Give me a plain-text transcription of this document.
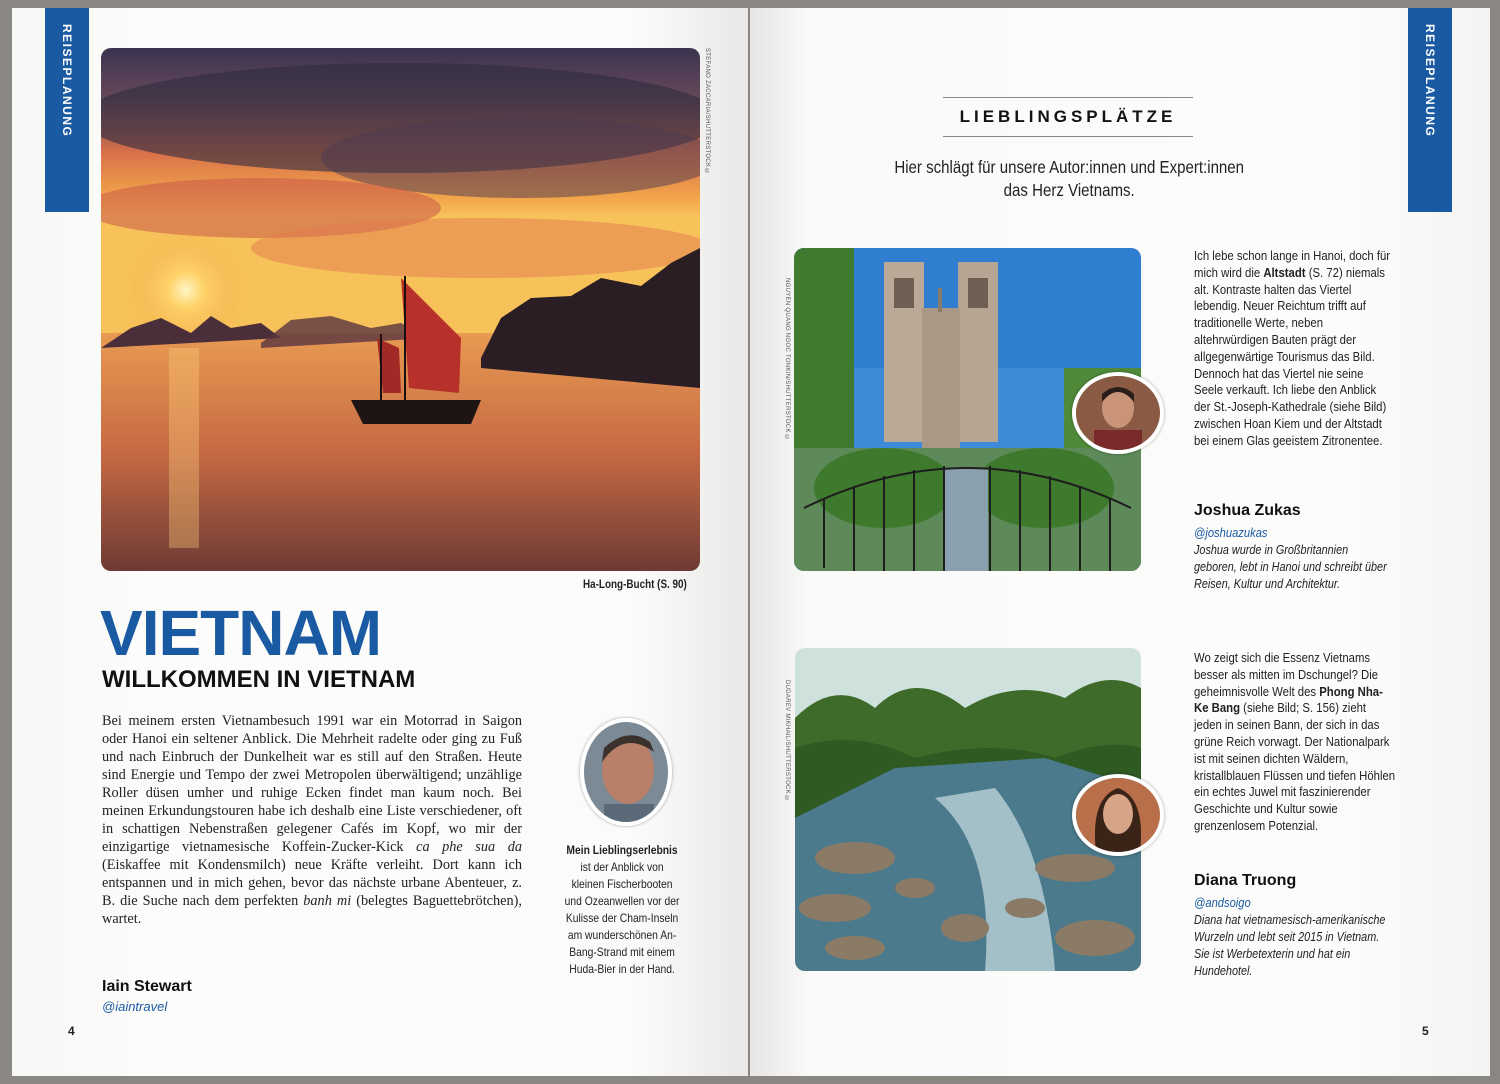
REISEPLANUNG	STEFANO ZACCARIA/SHUTTERSTOCK ©
Ha-Long-Bucht (S. 90)
VIETNAM
WILLKOMMEN IN VIETNAM
Bei meinem ersten Vietnambesuch 1991 war ein Motorrad in Saigon oder Hanoi ein seltener Anblick. Die Mehrheit radelte oder ging zu Fuß und nach Einbruch der Dunkelheit war es still auf den Straßen. Heute sind Energie und Tempo der zwei Metropolen überwältigend; unzählige Roller düsen umher und ruhige Ecken findet man kaum noch. Bei meinen Erkundungstouren habe ich deshalb eine Liste verschiedener, oft in schattigen Nebenstraßen gelegener Cafés im Kopf, wo mir der einzigartige vietnamesische Koffein-Zucker-Kick ca phe sua da (Eiskaffee mit Kondensmilch) neue Kräfte verleiht. Dort kann ich entspannen und in mich gehen, bevor das nächste urbane Abenteuer, z. B. die Suche nach dem perfekten banh mi (belegtes Baguettebrötchen), wartet.
Iain Stewart
@iaintravel
Mein Lieblingserlebnis ist der Anblick von kleinen Fischerbooten und Ozeanwellen vor der Kulisse der Cham-Inseln am wunderschönen An-Bang-Strand mit einem Huda-Bier in der Hand.
4
REISEPLANUNG
LIEBLINGSPLÄTZE
Hier schlägt für unsere Autor:innen und Expert:innen
das Herz Vietnams.
NGUYEN QUANG NGOC TONKIN/SHUTTERSTOCK ©
Ich lebe schon lange in Hanoi, doch für mich wird die Altstadt (S. 72) niemals alt. Kontraste halten das Viertel lebendig. Neuer Reichtum trifft auf traditionelle Werte, neben altehrwürdigen Bauten prägt der allgegenwärtige Tourismus das Bild. Dennoch hat das Viertel nie seine Seele verkauft. Ich liebe den Anblick der St.-Joseph-Kathedrale (siehe Bild) zwischen Hoan Kiem und der Altstadt bei einem Glas geeistem Zitronentee.
Joshua Zukas
@joshuazukas
Joshua wurde in Großbritannien geboren, lebt in Hanoi und schreibt über Reisen, Kultur und Architektur.
DUDAREV MIKHAIL/SHUTTERSTOCK ©
Wo zeigt sich die Essenz Vietnams besser als mitten im Dschungel? Die geheimnisvolle Welt des Phong Nha-Ke Bang (siehe Bild; S. 156) zieht jeden in seinen Bann, der sich in das grüne Reich vorwagt. Der Nationalpark ist mit seinen dichten Wäldern, kristallblauen Flüssen und tiefen Höhlen ein echtes Juwel mit faszinierender Geschichte und Kultur sowie grenzenlosem Potenzial.
Diana Truong
@andsoigo
Diana hat vietnamesisch-amerikanische Wurzeln und lebt seit 2015 in Vietnam. Sie ist Werbetexterin und hat ein Hundehotel.
5
